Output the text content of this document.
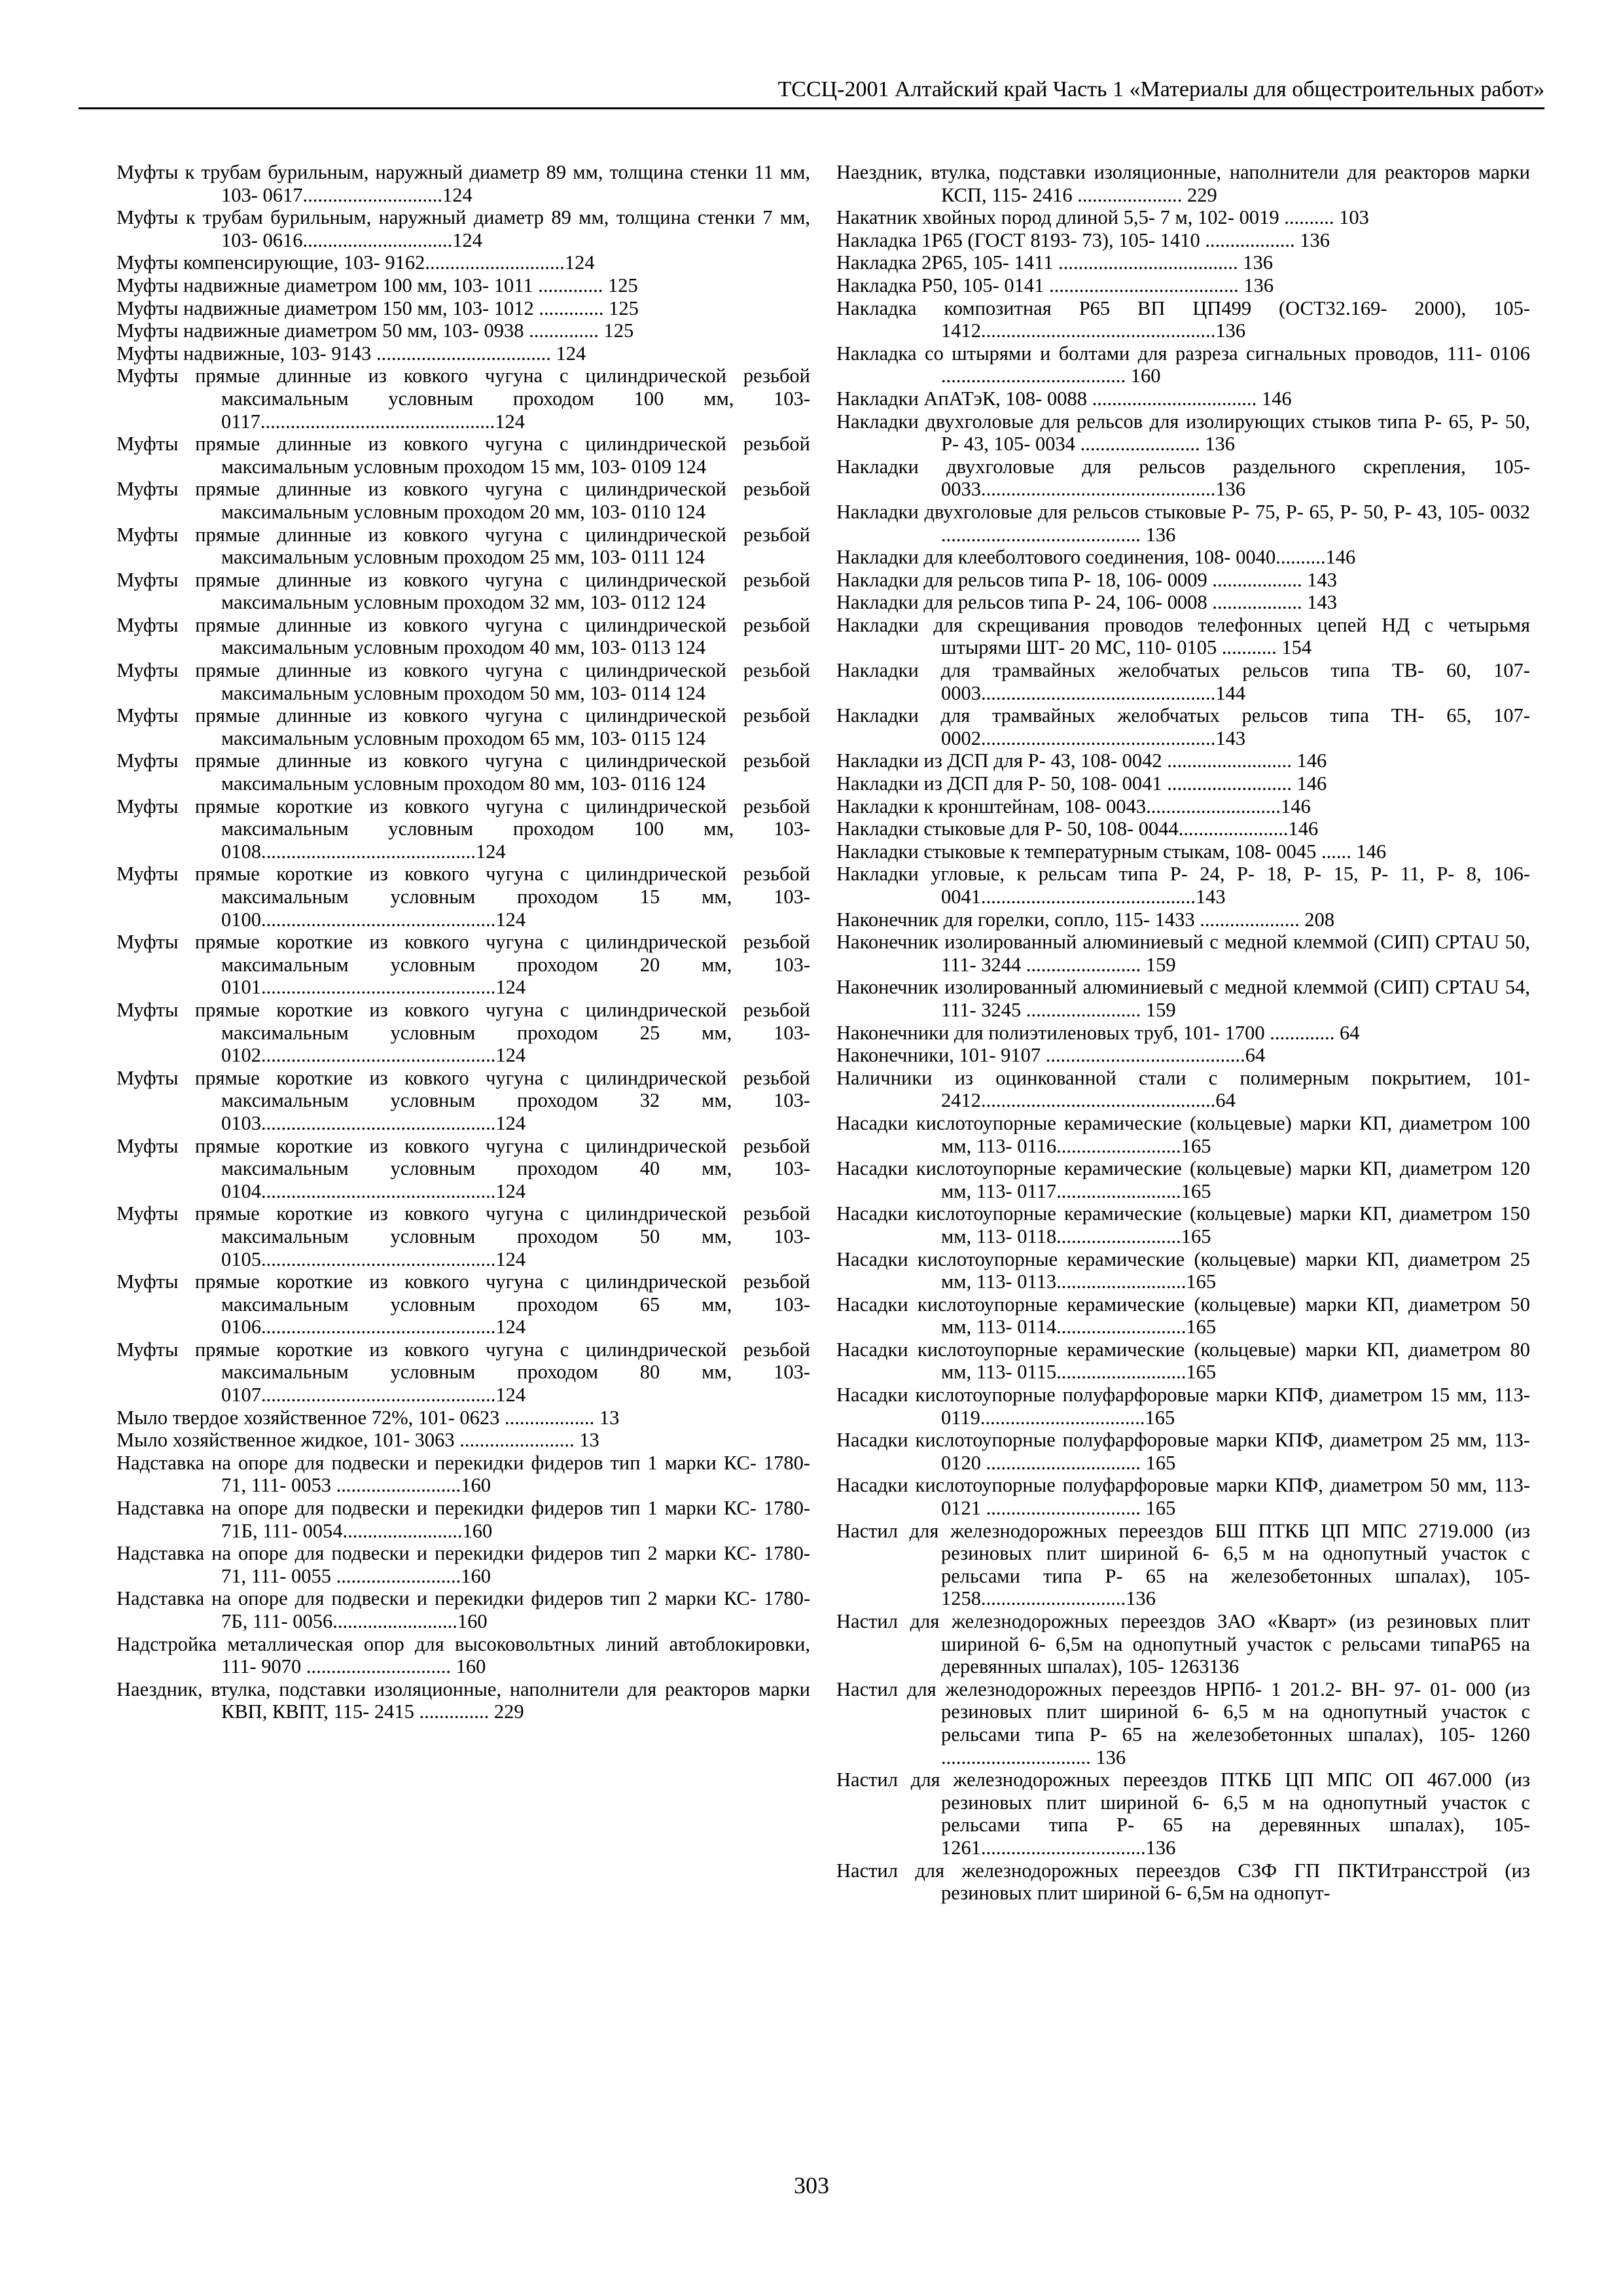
ТССЦ-2001 Алтайский край Часть 1 «Материалы для общестроительных работ»

Муфты к трубам бурильным, наружный диаметр 89 мм, толщина стенки 11 мм, 103- 0617............................124

Муфты к трубам бурильным, наружный диаметр 89 мм, толщина стенки 7 мм, 103- 0616..............................124

Муфты компенсирующие, 103- 9162............................124

Муфты надвижные диаметром 100 мм, 103- 1011 ............. 125

Муфты надвижные диаметром 150 мм, 103- 1012 ............. 125

Муфты надвижные диаметром 50 мм, 103- 0938 .............. 125

Муфты надвижные, 103- 9143 ................................... 124

Муфты прямые длинные из ковкого чугуна с цилиндрической резьбой максимальным условным проходом 100 мм, 103- 0117...............................................124

Муфты прямые длинные из ковкого чугуна с цилиндрической резьбой максимальным условным проходом 15 мм, 103- 0109 124

Муфты прямые длинные из ковкого чугуна с цилиндрической резьбой максимальным условным проходом 20 мм, 103- 0110 124

Муфты прямые длинные из ковкого чугуна с цилиндрической резьбой максимальным условным проходом 25 мм, 103- 0111 124

Муфты прямые длинные из ковкого чугуна с цилиндрической резьбой максимальным условным проходом 32 мм, 103- 0112 124

Муфты прямые длинные из ковкого чугуна с цилиндрической резьбой максимальным условным проходом 40 мм, 103- 0113 124

Муфты прямые длинные из ковкого чугуна с цилиндрической резьбой максимальным условным проходом 50 мм, 103- 0114 124

Муфты прямые длинные из ковкого чугуна с цилиндрической резьбой максимальным условным проходом 65 мм, 103- 0115 124

Муфты прямые длинные из ковкого чугуна с цилиндрической резьбой максимальным условным проходом 80 мм, 103- 0116 124

Муфты прямые короткие из ковкого чугуна с цилиндрической резьбой максимальным условным проходом 100 мм, 103- 0108...........................................124

Муфты прямые короткие из ковкого чугуна с цилиндрической резьбой максимальным условным проходом 15 мм, 103- 0100...............................................124

Муфты прямые короткие из ковкого чугуна с цилиндрической резьбой максимальным условным проходом 20 мм, 103- 0101...............................................124

Муфты прямые короткие из ковкого чугуна с цилиндрической резьбой максимальным условным проходом 25 мм, 103- 0102...............................................124

Муфты прямые короткие из ковкого чугуна с цилиндрической резьбой максимальным условным проходом 32 мм, 103- 0103...............................................124

Муфты прямые короткие из ковкого чугуна с цилиндрической резьбой максимальным условным проходом 40 мм, 103- 0104...............................................124

Муфты прямые короткие из ковкого чугуна с цилиндрической резьбой максимальным условным проходом 50 мм, 103- 0105...............................................124

Муфты прямые короткие из ковкого чугуна с цилиндрической резьбой максимальным условным проходом 65 мм, 103- 0106...............................................124

Муфты прямые короткие из ковкого чугуна с цилиндрической резьбой максимальным условным проходом 80 мм, 103- 0107...............................................124

Мыло твердое хозяйственное 72%, 101- 0623 .................. 13

Мыло хозяйственное жидкое, 101- 3063 ....................... 13

Надставка на опоре для подвески и перекидки фидеров тип 1 марки КС- 1780- 71, 111- 0053 .........................160

Надставка на опоре для подвески и перекидки фидеров тип 1 марки КС- 1780- 71Б, 111- 0054........................160

Надставка на опоре для подвески и перекидки фидеров тип 2 марки КС- 1780- 71, 111- 0055 .........................160

Надставка на опоре для подвески и перекидки фидеров тип 2 марки КС- 1780- 7Б, 111- 0056.........................160

Надстройка металлическая опор для высоковольтных линий автоблокировки, 111- 9070 ............................. 160

Наездник, втулка, подставки изоляционные, наполнители для реакторов марки КВП, КВПТ, 115- 2415 .............. 229

Наездник, втулка, подставки изоляционные, наполнители для реакторов марки КСП, 115- 2416 ..................... 229

Накатник хвойных пород длиной 5,5- 7 м, 102- 0019 .......... 103

Накладка 1Р65 (ГОСТ 8193- 73), 105- 1410 .................. 136

Накладка 2Р65, 105- 1411 .................................... 136

Накладка Р50, 105- 0141 ...................................... 136

Накладка композитная Р65 ВП ЦП499 (ОСТ32.169- 2000), 105- 1412...............................................136

Накладка со штырями и болтами для разреза сигнальных проводов, 111- 0106 ..................................... 160

Накладки АпАТэК, 108- 0088 ................................. 146

Накладки двухголовые для рельсов для изолирующих стыков типа Р- 65, Р- 50, Р- 43, 105- 0034 ........................ 136

Накладки двухголовые для рельсов раздельного скрепления, 105- 0033...............................................136

Накладки двухголовые для рельсов стыковые Р- 75, Р- 65, Р- 50, Р- 43, 105- 0032 ........................................ 136

Накладки для клееболтового соединения, 108- 0040..........146

Накладки для рельсов типа Р- 18, 106- 0009 .................. 143

Накладки для рельсов типа Р- 24, 106- 0008 .................. 143

Накладки для скрещивания проводов телефонных цепей НД с четырьмя штырями ШТ- 20 МС, 110- 0105 ........... 154

Накладки для трамвайных желобчатых рельсов типа ТВ- 60, 107- 0003...............................................144

Накладки для трамвайных желобчатых рельсов типа ТН- 65, 107- 0002...............................................143

Накладки из ДСП для Р- 43, 108- 0042 ......................... 146

Накладки из ДСП для Р- 50, 108- 0041 ......................... 146

Накладки к кронштейнам, 108- 0043...........................146

Накладки стыковые для Р- 50, 108- 0044......................146

Накладки стыковые к температурным стыкам, 108- 0045 ...... 146

Накладки угловые, к рельсам типа Р- 24, Р- 18, Р- 15, Р- 11, Р- 8, 106- 0041...........................................143

Наконечник для горелки, сопло, 115- 1433 .................... 208

Наконечник изолированный алюминиевый с медной клеммой (СИП) CPTAU 50, 111- 3244 ....................... 159

Наконечник изолированный алюминиевый с медной клеммой (СИП) CPTAU 54, 111- 3245 ....................... 159

Наконечники для полиэтиленовых труб, 101- 1700 ............. 64

Наконечники, 101- 9107 ........................................64

Наличники из оцинкованной стали с полимерным покрытием, 101- 2412...............................................64

Насадки кислотоупорные керамические (кольцевые) марки КП, диаметром 100 мм, 113- 0116.........................165

Насадки кислотоупорные керамические (кольцевые) марки КП, диаметром 120 мм, 113- 0117.........................165

Насадки кислотоупорные керамические (кольцевые) марки КП, диаметром 150 мм, 113- 0118.........................165

Насадки кислотоупорные керамические (кольцевые) марки КП, диаметром 25 мм, 113- 0113..........................165

Насадки кислотоупорные керамические (кольцевые) марки КП, диаметром 50 мм, 113- 0114..........................165

Насадки кислотоупорные керамические (кольцевые) марки КП, диаметром 80 мм, 113- 0115..........................165

Насадки кислотоупорные полуфарфоровые марки КПФ, диаметром 15 мм, 113- 0119.................................165

Насадки кислотоупорные полуфарфоровые марки КПФ, диаметром 25 мм, 113- 0120 ............................... 165

Насадки кислотоупорные полуфарфоровые марки КПФ, диаметром 50 мм, 113- 0121 ............................... 165

Настил для железнодорожных переездов БШ ПТКБ ЦП МПС 2719.000 (из резиновых плит шириной 6- 6,5 м на однопутный участок с рельсами типа Р- 65 на железобетонных шпалах), 105- 1258.............................136

Настил для железнодорожных переездов ЗАО «Кварт» (из резиновых плит шириной 6- 6,5м на однопутный участок с рельсами типаР65 на деревянных шпалах), 105- 1263136

Настил для железнодорожных переездов НРПб- 1 201.2- ВН- 97- 01- 000 (из резиновых плит шириной 6- 6,5 м на однопутный участок с рельсами типа Р- 65 на железобетонных шпалах), 105- 1260 .............................. 136

Настил для железнодорожных переездов ПТКБ ЦП МПС ОП 467.000 (из резиновых плит шириной 6- 6,5 м на однопутный участок с рельсами типа Р- 65 на деревянных шпалах), 105- 1261.................................136

Настил для железнодорожных переездов СЗФ ГП ПКТИтрансстрой (из резиновых плит шириной 6- 6,5м на однопут-

303
